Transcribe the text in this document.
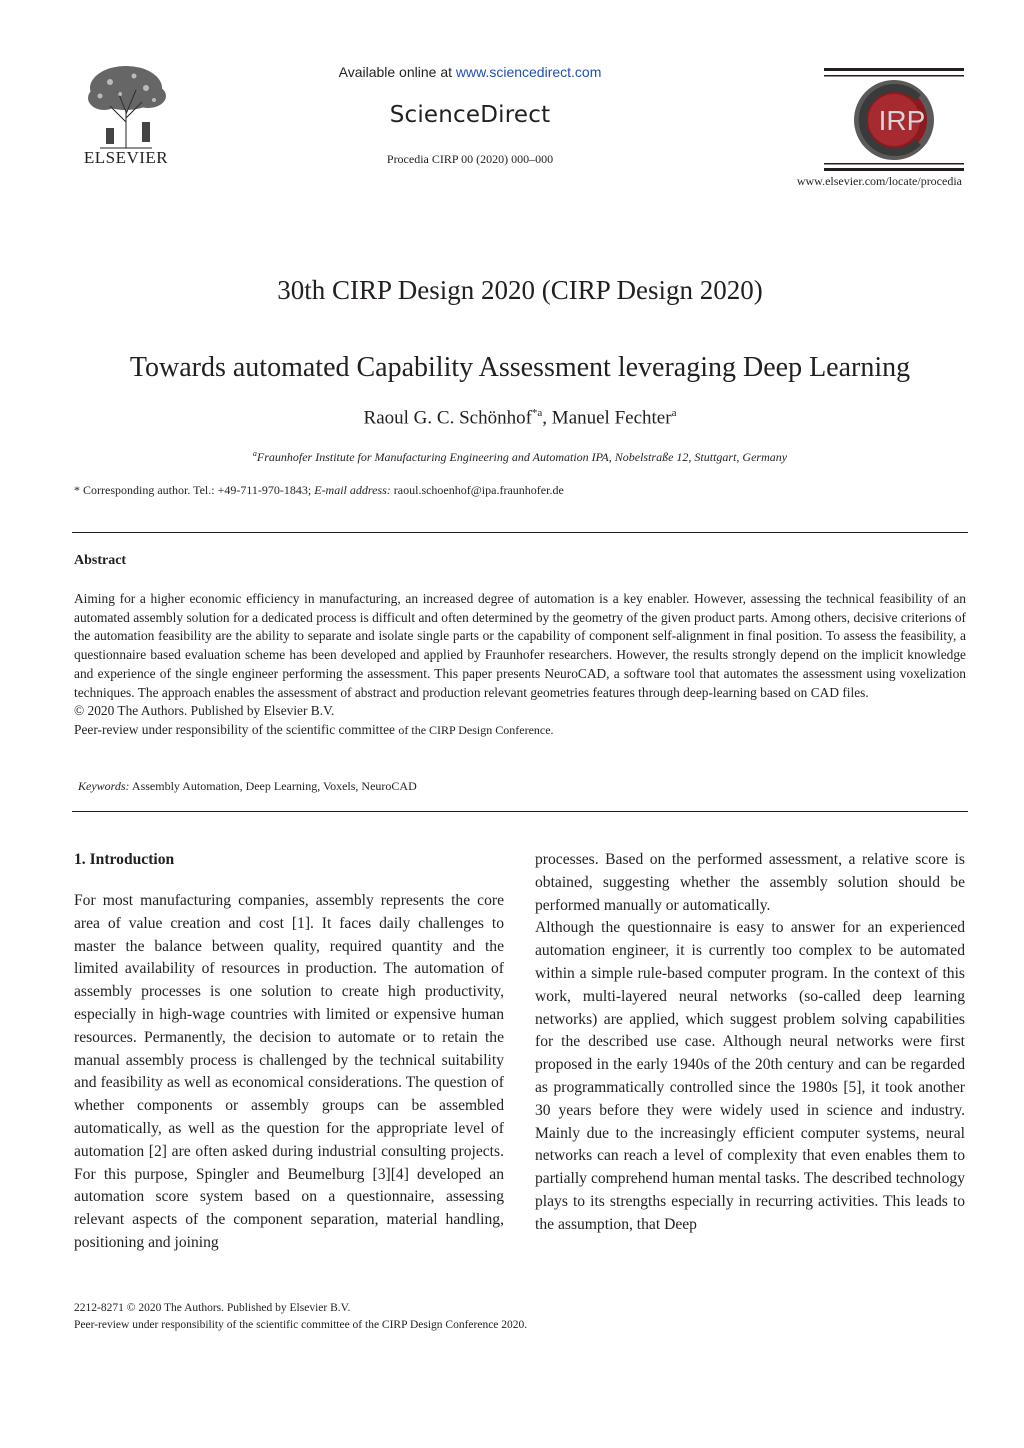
ELSEVIER
Available online at www.sciencedirect.com
ScienceDirect
Procedia CIRP 00 (2020) 000–000
IRP
www.elsevier.com/locate/procedia
30th CIRP Design 2020 (CIRP Design 2020)
Towards automated Capability Assessment leveraging Deep Learning
Raoul G. C. Schönhof$^{*a}$, Manuel Fechter$^a$
$^a$Fraunhofer Institute for Manufacturing Engineering and Automation IPA, Nobelstraße 12, Stuttgart, Germany
* Corresponding author. Tel.: +49-711-970-1843; E-mail address: raoul.schoenhof@ipa.fraunhofer.de
Abstract

Aiming for a higher economic efficiency in manufacturing, an increased degree of automation is a key enabler. However, assessing the technical feasibility of an automated assembly solution for a dedicated process is difficult and often determined by the geometry of the given product parts. Among others, decisive criterions of the automation feasibility are the ability to separate and isolate single parts or the capability of component self-alignment in final position. To assess the feasibility, a questionnaire based evaluation scheme has been developed and applied by Fraunhofer researchers. However, the results strongly depend on the implicit knowledge and experience of the single engineer performing the assessment. This paper presents NeuroCAD, a software tool that automates the assessment using voxelization techniques. The approach enables the assessment of abstract and production relevant geometries features through deep-learning based on CAD files.

© 2020 The Authors. Published by Elsevier B.V.

Peer-review under responsibility of the scientific committee of the CIRP Design Conference.

Keywords: Assembly Automation, Deep Learning, Voxels, NeuroCAD
1. Introduction

For most manufacturing companies, assembly represents the core area of value creation and cost [1]. It faces daily challenges to master the balance between quality, required quantity and the limited availability of resources in production. The automation of assembly processes is one solution to create high productivity, especially in high-wage countries with limited or expensive human resources. Permanently, the decision to automate or to retain the manual assembly process is challenged by the technical suitability and feasibility as well as economical considerations. The question of whether components or assembly groups can be assembled automatically, as well as the question for the appropriate level of automation [2] are often asked during industrial consulting projects. For this purpose, Spingler and Beumelburg [3][4] developed an automation score system based on a questionnaire, assessing relevant aspects of the component separation, material handling, positioning and joining

processes. Based on the performed assessment, a relative score is obtained, suggesting whether the assembly solution should be performed manually or automatically.

Although the questionnaire is easy to answer for an experienced automation engineer, it is currently too complex to be automated within a simple rule-based computer program. In the context of this work, multi-layered neural networks (so-called deep learning networks) are applied, which suggest problem solving capabilities for the described use case. Although neural networks were first proposed in the early 1940s of the 20th century and can be regarded as programmatically controlled since the 1980s [5], it took another 30 years before they were widely used in science and industry. Mainly due to the increasingly efficient computer systems, neural networks can reach a level of complexity that even enables them to partially comprehend human mental tasks. The described technology plays to its strengths especially in recurring activities. This leads to the assumption, that Deep

2212-8271 © 2020 The Authors. Published by Elsevier B.V.
Peer-review under responsibility of the scientific committee of the CIRP Design Conference 2020.
